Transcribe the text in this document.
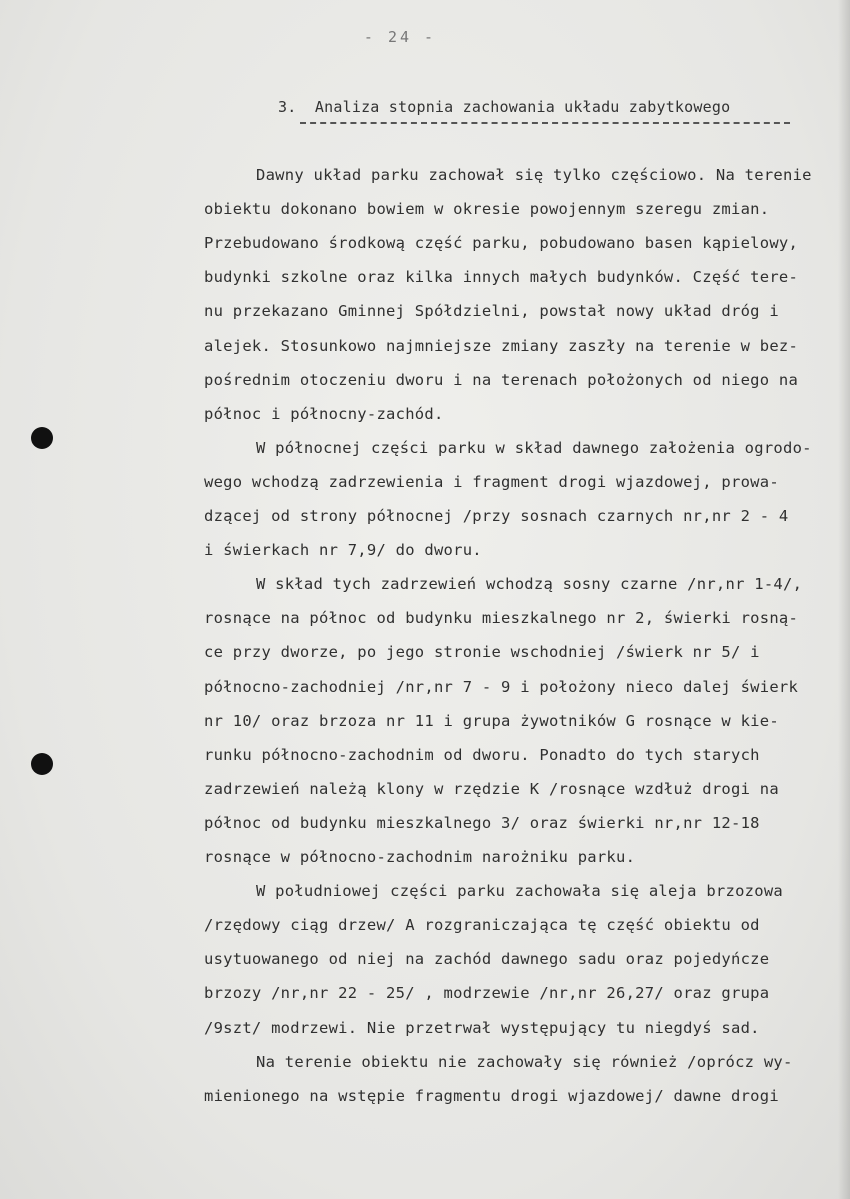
- 24 -
3.  Analiza stopnia zachowania układu zabytkowego
Dawny układ parku zachował się tylko częściowo. Na terenie
obiektu dokonano bowiem w okresie powojennym szeregu zmian.
Przebudowano środkową część parku, pobudowano basen kąpielowy,
budynki szkolne oraz kilka innych małych budynków. Część tere-
nu przekazano Gminnej Spółdzielni, powstał nowy układ dróg i
alejek. Stosunkowo najmniejsze zmiany zaszły na terenie w bez-
pośrednim otoczeniu dworu i na terenach położonych od niego na
północ i północny-zachód.
W północnej części parku w skład dawnego założenia ogrodo-
wego wchodzą zadrzewienia i fragment drogi wjazdowej, prowa-
dzącej od strony północnej /przy sosnach czarnych nr,nr 2 - 4
i świerkach nr 7,9/ do dworu.
W skład tych zadrzewień wchodzą sosny czarne /nr,nr 1-4/,
rosnące na północ od budynku mieszkalnego nr 2, świerki rosną-
ce przy dworze, po jego stronie wschodniej /świerk nr 5/ i
północno-zachodniej /nr,nr 7 - 9 i położony nieco dalej świerk
nr 10/ oraz brzoza nr 11 i grupa żywotników G rosnące w kie-
runku północno-zachodnim od dworu. Ponadto do tych starych
zadrzewień należą klony w rzędzie K /rosnące wzdłuż drogi na
północ od budynku mieszkalnego 3/ oraz świerki nr,nr 12-18
rosnące w północno-zachodnim narożniku parku.
W południowej części parku zachowała się aleja brzozowa
/rzędowy ciąg drzew/ A rozgraniczająca tę część obiektu od
usytuowanego od niej na zachód dawnego sadu oraz pojedyńcze
brzozy /nr,nr 22 - 25/ , modrzewie /nr,nr 26,27/ oraz grupa
/9szt/ modrzewi. Nie przetrwał występujący tu niegdyś sad.
Na terenie obiektu nie zachowały się również /oprócz wy-
mienionego na wstępie fragmentu drogi wjazdowej/ dawne drogi
